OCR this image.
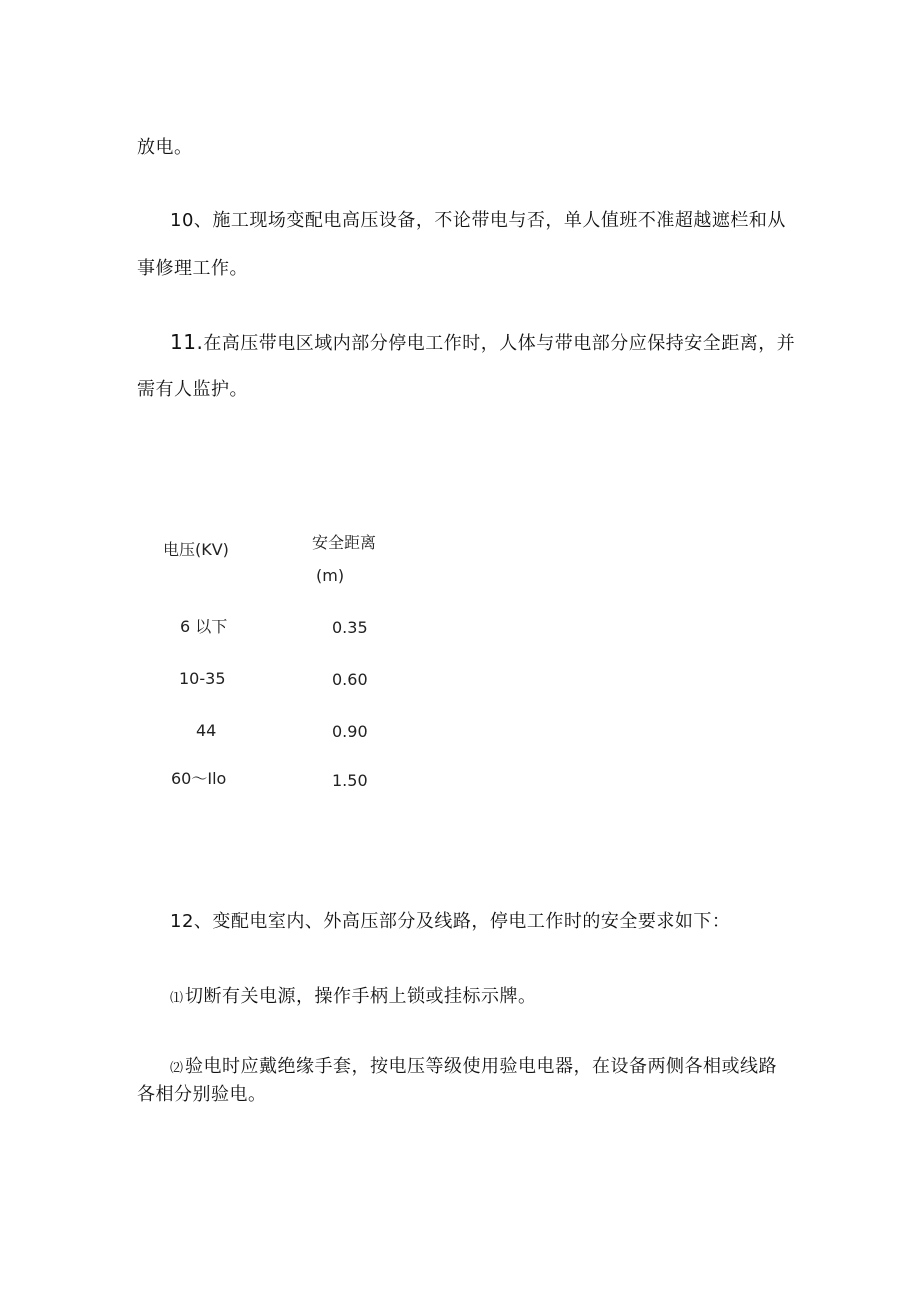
放电。
10、施工现场变配电高压设备，不论带电与否，单人值班不准超越遮栏和从
事修理工作。
11.在高压带电区域内部分停电工作时，人体与带电部分应保持安全距离，并
需有人监护。
电压(KV)	安全距离
(m)
6 以下	0.35
10-35	0.60
44	0.90
60～Ilo	1.50
12、变配电室内、外高压部分及线路，停电工作时的安全要求如下：
⑴ 切断有关电源，操作手柄上锁或挂标示牌。
⑵ 验电时应戴绝缘手套，按电压等级使用验电电器，在设备两侧各相或线路
各相分别验电。
